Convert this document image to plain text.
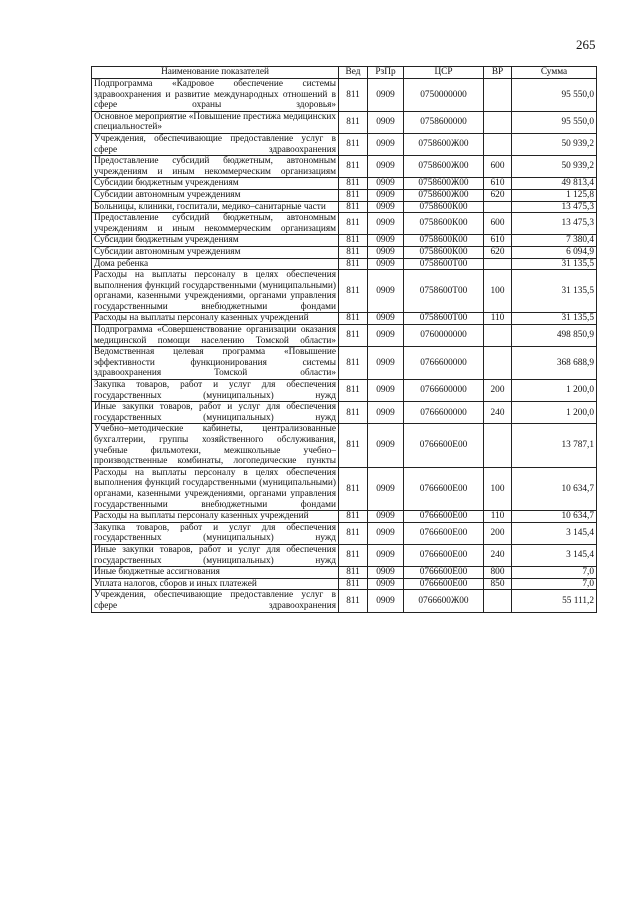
265
Наименование показателей	Вед	РзПр	ЦСР	ВР	Сумма
Подпрограмма «Кадровое обеспечение системы здравоохранения и развитие международных отношений в сфере охраны здоровья»	811	0909	0750000000		95 550,0
Основное мероприятие «Повышение престижа медицинских специальностей»	811	0909	0758600000		95 550,0
Учреждения, обеспечивающие предоставление услуг в сфере здравоохранения	811	0909	0758600Ж00		50 939,2
Предоставление субсидий бюджетным, автономным учреждениям и иным некоммерческим организациям	811	0909	0758600Ж00	600	50 939,2
Субсидии бюджетным учреждениям	811	0909	0758600Ж00	610	49 813,4
Субсидии автономным учреждениям	811	0909	0758600Ж00	620	1 125,8
Больницы, клиники, госпитали, медико–санитарные части	811	0909	0758600К00		13 475,3
Предоставление субсидий бюджетным, автономным учреждениям и иным некоммерческим организациям	811	0909	0758600К00	600	13 475,3
Субсидии бюджетным учреждениям	811	0909	0758600К00	610	7 380,4
Субсидии автономным учреждениям	811	0909	0758600К00	620	6 094,9
Дома ребенка	811	0909	0758600Т00		31 135,5
Расходы на выплаты персоналу в целях обеспечения выполнения функций государственными (муниципальными) органами, казенными учреждениями, органами управления государственными внебюджетными фондами	811	0909	0758600Т00	100	31 135,5
Расходы на выплаты персоналу казенных учреждений	811	0909	0758600Т00	110	31 135,5
Подпрограмма «Совершенствование организации оказания медицинской помощи населению Томской области»	811	0909	0760000000		498 850,9
Ведомственная целевая программа «Повышение эффективности функционирования системы здравоохранения Томской области»	811	0909	0766600000		368 688,9
Закупка товаров, работ и услуг для обеспечения государственных (муниципальных) нужд	811	0909	0766600000	200	1 200,0
Иные закупки товаров, работ и услуг для обеспечения государственных (муниципальных) нужд	811	0909	0766600000	240	1 200,0
Учебно–методические кабинеты, централизованные бухгалтерии, группы хозяйственного обслуживания, учебные фильмотеки, межшкольные учебно–производственные комбинаты, логопедические пункты	811	0909	0766600Е00		13 787,1
Расходы на выплаты персоналу в целях обеспечения выполнения функций государственными (муниципальными) органами, казенными учреждениями, органами управления государственными внебюджетными фондами	811	0909	0766600Е00	100	10 634,7
Расходы на выплаты персоналу казенных учреждений	811	0909	0766600Е00	110	10 634,7
Закупка товаров, работ и услуг для обеспечения государственных (муниципальных) нужд	811	0909	0766600Е00	200	3 145,4
Иные закупки товаров, работ и услуг для обеспечения государственных (муниципальных) нужд	811	0909	0766600Е00	240	3 145,4
Иные бюджетные ассигнования	811	0909	0766600Е00	800	7,0
Уплата налогов, сборов и иных платежей	811	0909	0766600Е00	850	7,0
Учреждения, обеспечивающие предоставление услуг в сфере здравоохранения	811	0909	0766600Ж00		55 111,2
